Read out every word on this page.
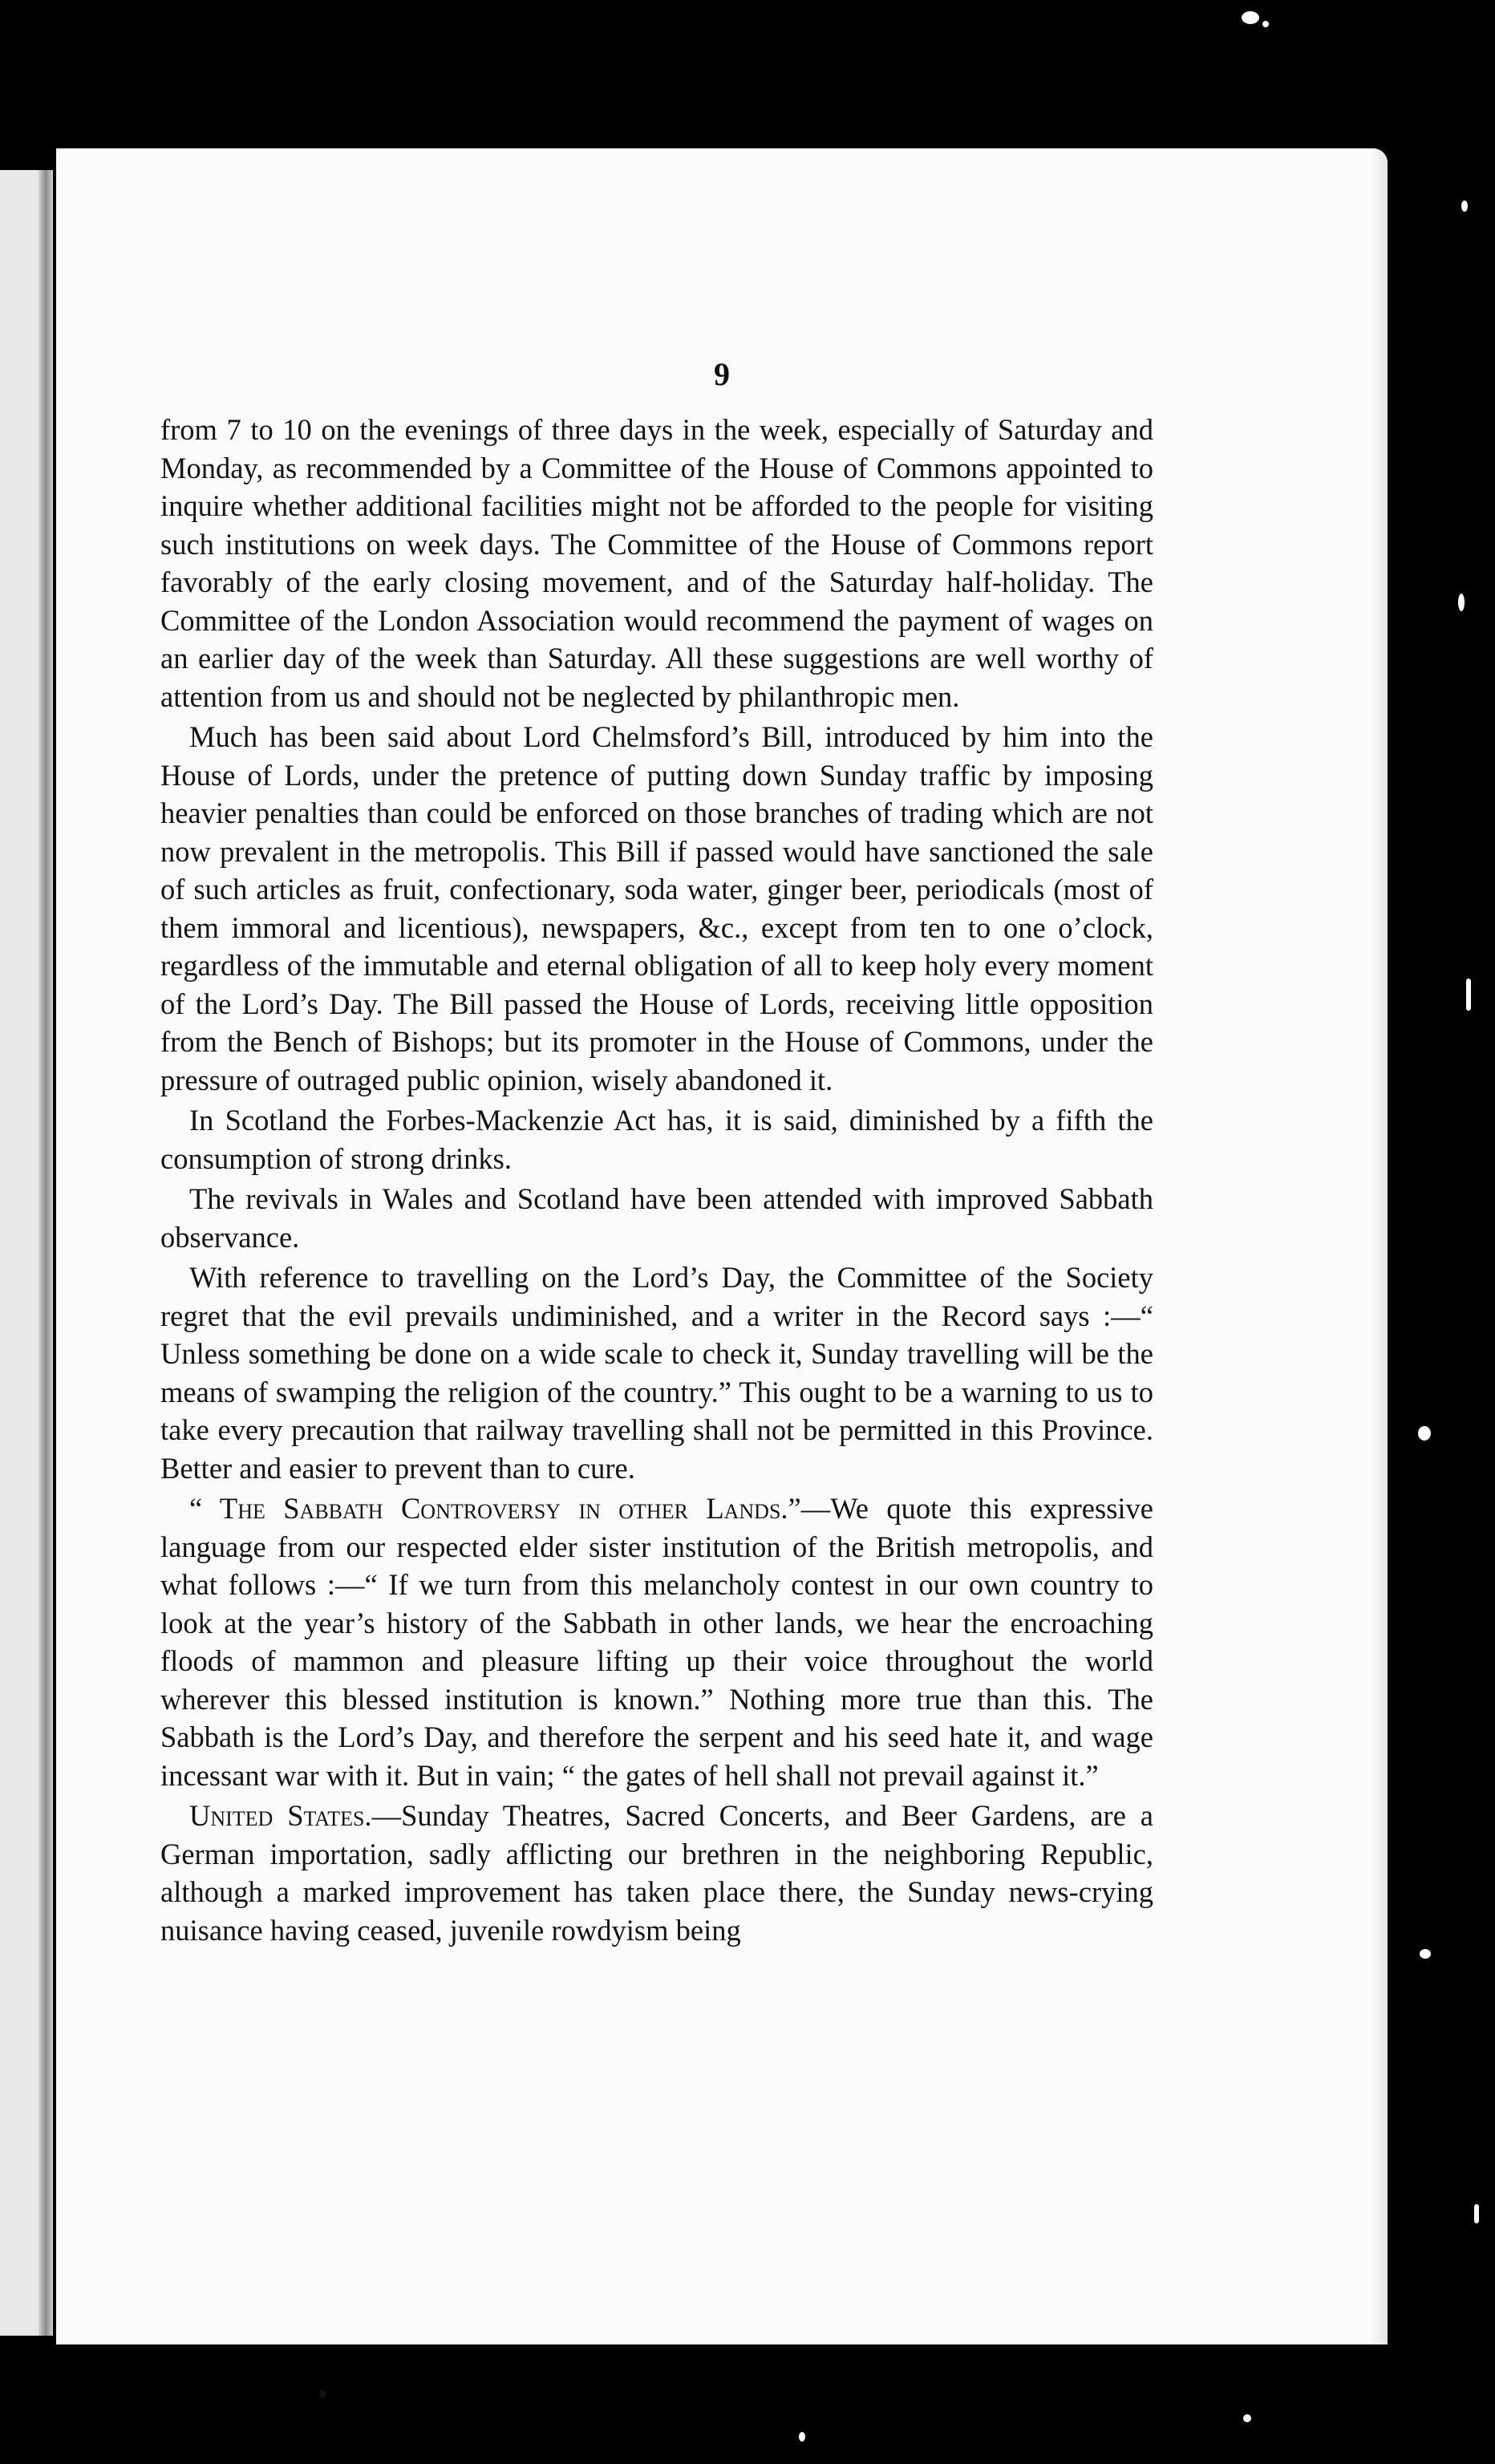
9

from 7 to 10 on the evenings of three days in the week, especially of Saturday and Monday, as recommended by a Committee of the House of Commons appointed to inquire whether additional facilities might not be afforded to the people for visiting such institutions on week days. The Committee of the House of Commons report favorably of the early closing movement, and of the Saturday half-holiday. The Committee of the London Association would recommend the payment of wages on an earlier day of the week than Saturday. All these suggestions are well worthy of attention from us and should not be neglected by philanthropic men.

Much has been said about Lord Chelmsford’s Bill, introduced by him into the House of Lords, under the pretence of putting down Sunday traffic by imposing heavier penalties than could be enforced on those branches of trading which are not now prevalent in the metropolis. This Bill if passed would have sanctioned the sale of such articles as fruit, confectionary, soda water, ginger beer, periodicals (most of them immoral and licentious), newspapers, &c., except from ten to one o’clock, regardless of the immutable and eternal obligation of all to keep holy every moment of the Lord’s Day. The Bill passed the House of Lords, receiving little opposition from the Bench of Bishops; but its promoter in the House of Commons, under the pressure of outraged public opinion, wisely abandoned it.

In Scotland the Forbes-Mackenzie Act has, it is said, diminished by a fifth the consumption of strong drinks.

The revivals in Wales and Scotland have been attended with improved Sabbath observance.

With reference to travelling on the Lord’s Day, the Committee of the Society regret that the evil prevails undiminished, and a writer in the Record says :—“ Unless something be done on a wide scale to check it, Sunday travelling will be the means of swamping the religion of the country.” This ought to be a warning to us to take every precaution that railway travelling shall not be permitted in this Province. Better and easier to prevent than to cure.

“ The Sabbath Controversy in other Lands.”—We quote this expressive language from our respected elder sister institution of the British metropolis, and what follows :—“ If we turn from this melancholy contest in our own country to look at the year’s history of the Sabbath in other lands, we hear the encroaching floods of mammon and pleasure lifting up their voice throughout the world wherever this blessed institution is known.” Nothing more true than this. The Sabbath is the Lord’s Day, and therefore the serpent and his seed hate it, and wage incessant war with it. But in vain; “ the gates of hell shall not prevail against it.”

United States.—Sunday Theatres, Sacred Concerts, and Beer Gardens, are a German importation, sadly afflicting our brethren in the neighboring Republic, although a marked improvement has taken place there, the Sunday news-crying nuisance having ceased, juvenile rowdyism being
